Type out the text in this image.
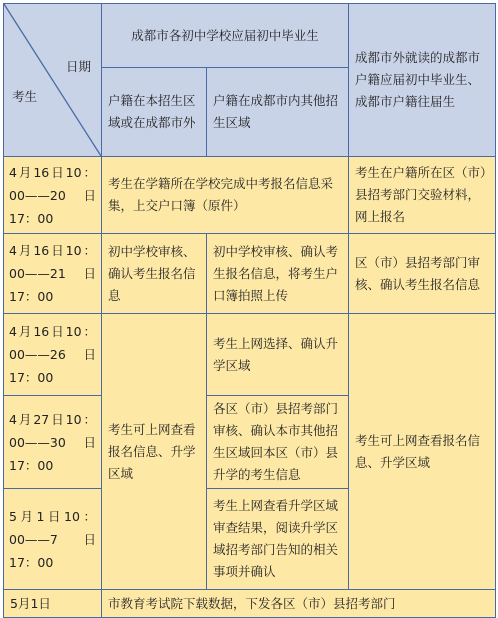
日期
考生	成都市各初中学校应届初中毕业生		成都市外就读的成都市户籍应届初中毕业生、成都市户籍往届生
	户籍在本招生区域或在成都市外	户籍在成都市内其他招生区域	

4月16日10：
00——20 日
17：00	考生在学籍所在学校完成中考报名信息采集，上交户口簿（原件）		考生在户籍所在区（市）县招考部门交验材料，网上报名

4月16日10：
00——21 日
17：00	初中学校审核、确认考生报名信息	初中学校审核、确认考生报名信息，将考生户口簿拍照上传	区（市）县招考部门审核、确认考生报名信息

4月16日10：
00——26 日
17：00	考生可上网查看报名信息、升学区域	考生上网选择、确认升学区域	考生可上网查看报名信息、升学区域

4月27日10：
00——30 日
17：00		各区（市）县招考部门审核、确认本市其他招生区域回本区（市）县升学的考生信息	

5月1日10：
00——7 日
17：00		考生上网查看升学区域审查结果，阅读升学区域招考部门告知的相关事项并确认	
5月1日	市教育考试院下载数据，下发各区（市）县招考部门		
